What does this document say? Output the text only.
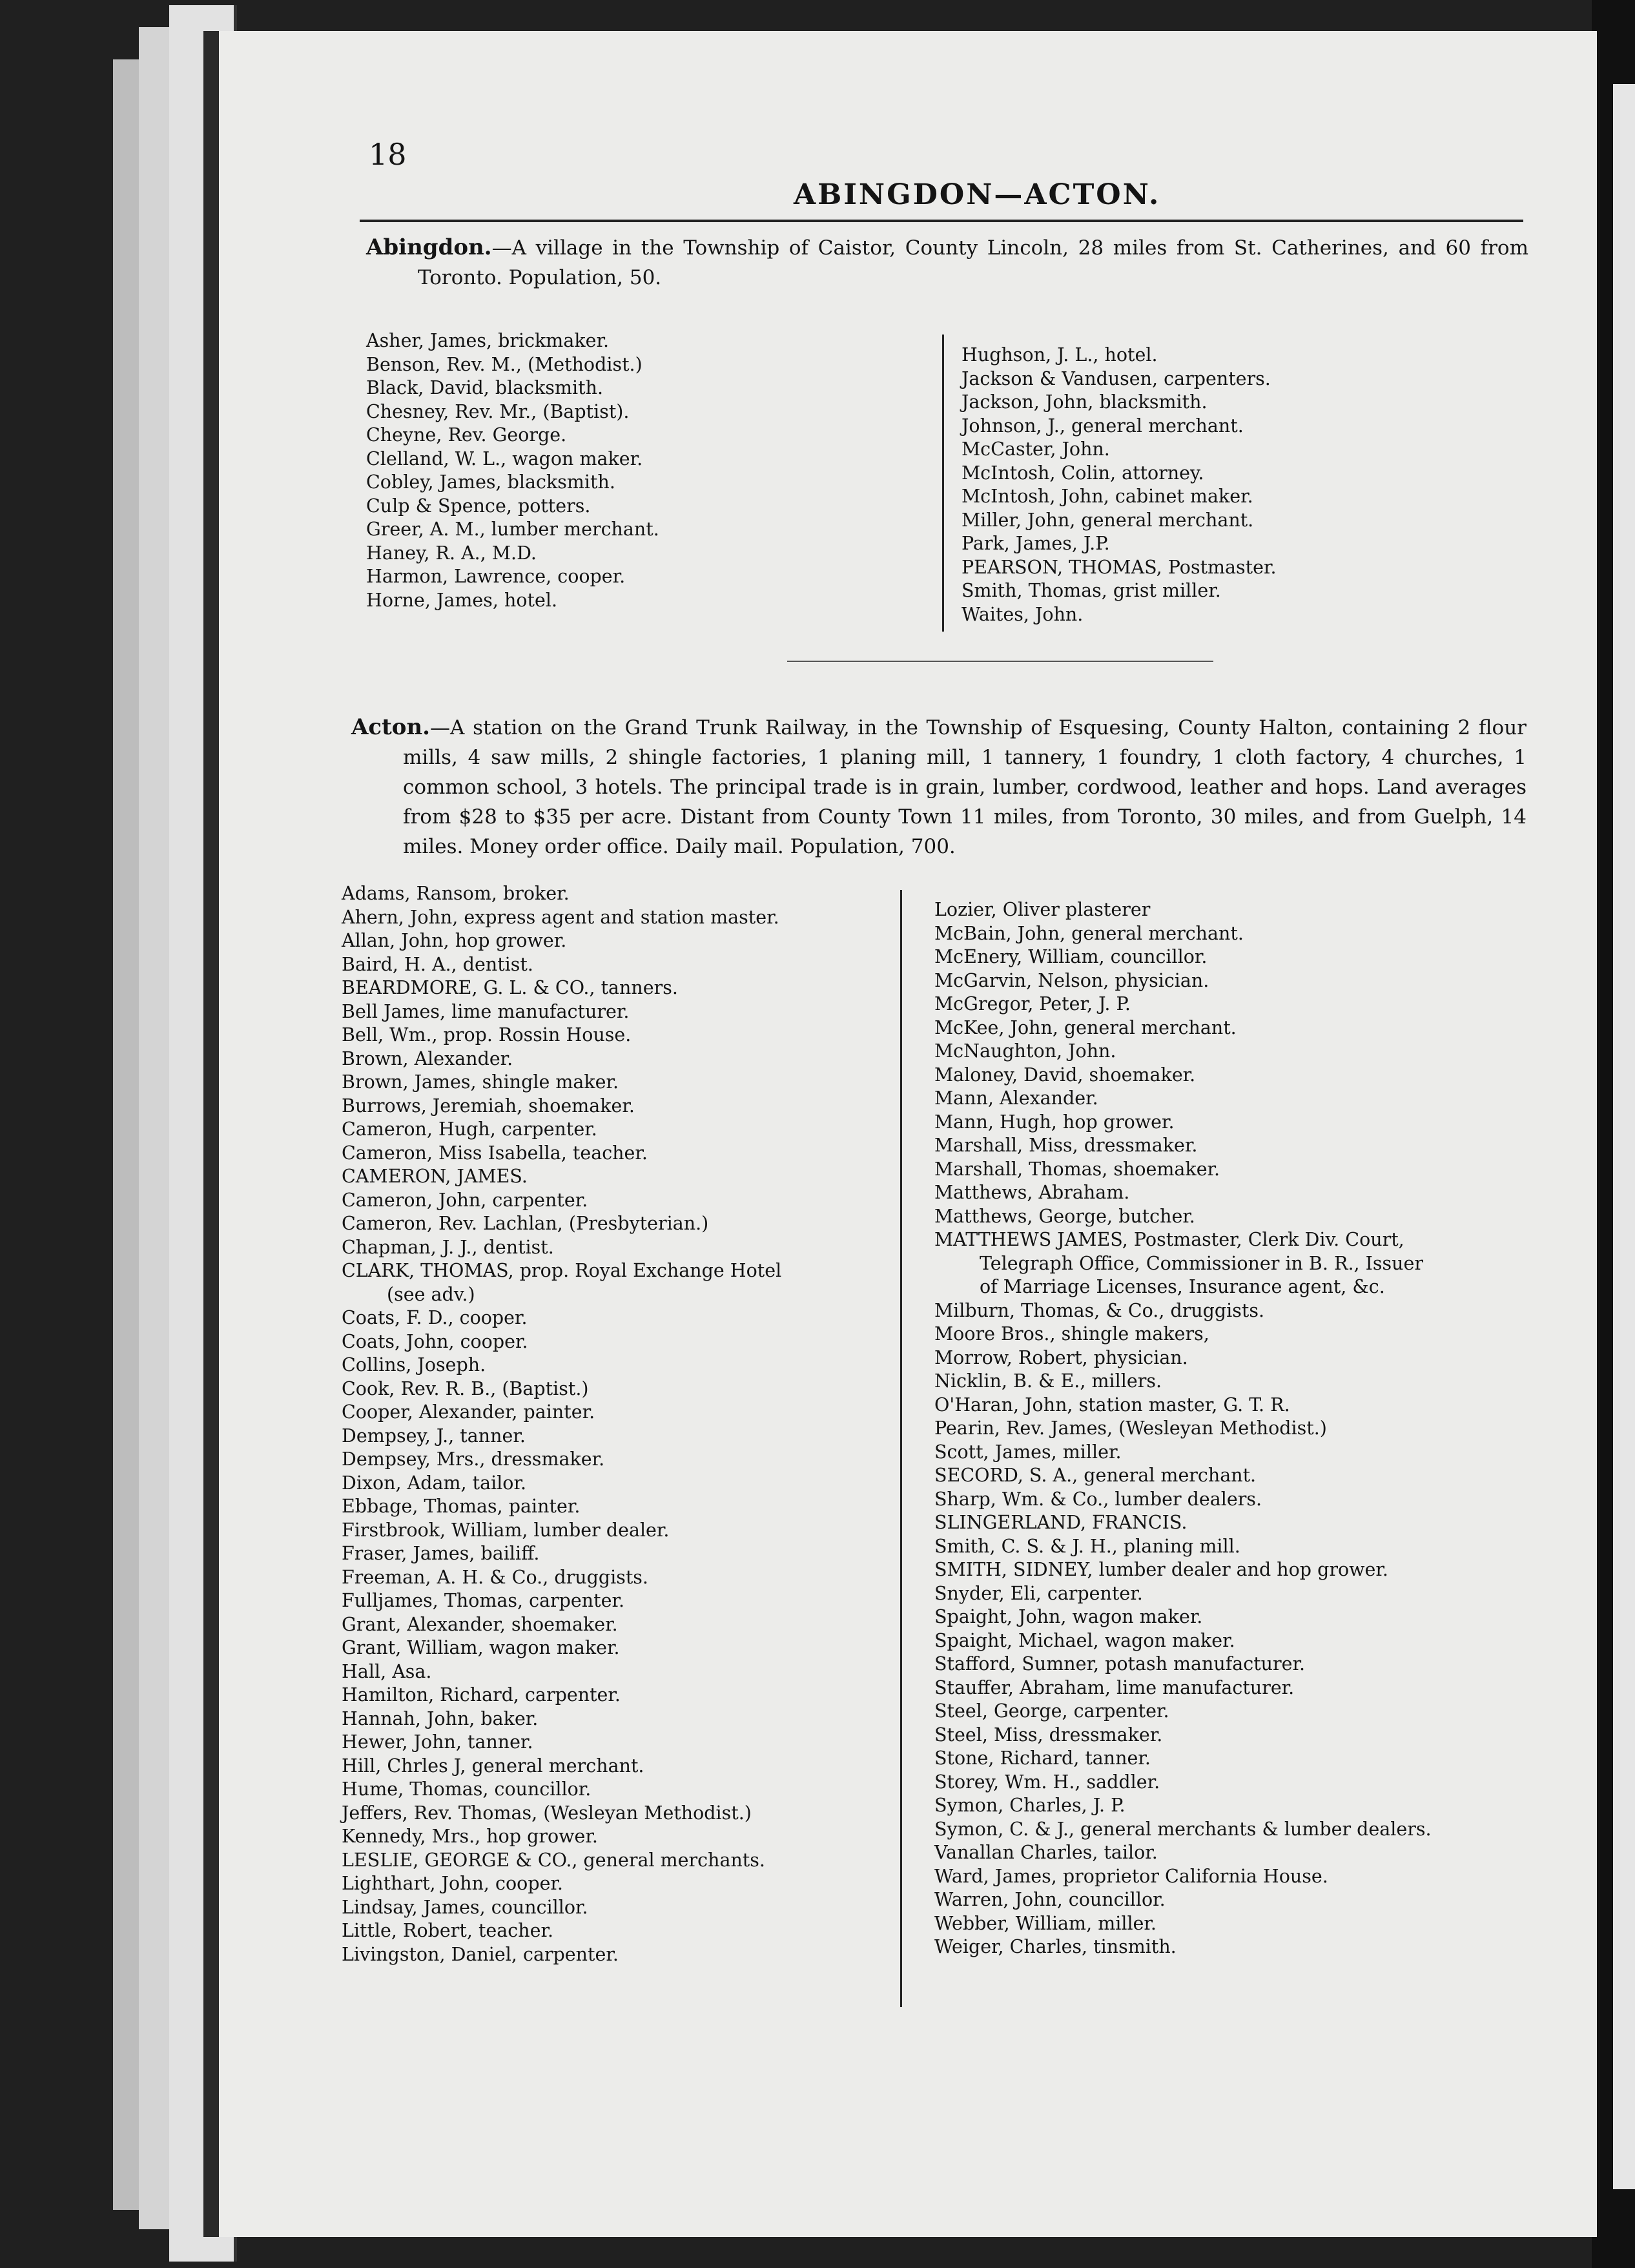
18
ABINGDON—ACTON.
Abingdon.—A village in the Township of Caistor, County Lincoln, 28 miles from St. Catherines, and 60 from Toronto. Population, 50.
Asher, James, brickmaker.
Benson, Rev. M., (Methodist.)
Black, David, blacksmith.
Chesney, Rev. Mr., (Baptist).
Cheyne, Rev. George.
Clelland, W. L., wagon maker.
Cobley, James, blacksmith.
Culp & Spence, potters.
Greer, A. M., lumber merchant.
Haney, R. A., M.D.
Harmon, Lawrence, cooper.
Horne, James, hotel.
Hughson, J. L., hotel.
Jackson & Vandusen, carpenters.
Jackson, John, blacksmith.
Johnson, J., general merchant.
McCaster, John.
McIntosh, Colin, attorney.
McIntosh, John, cabinet maker.
Miller, John, general merchant.
Park, James, J.P.
PEARSON, THOMAS, Postmaster.
Smith, Thomas, grist miller.
Waites, John.
Acton.—A station on the Grand Trunk Railway, in the Township of Esquesing, County Halton, containing 2 flour mills, 4 saw mills, 2 shingle factories, 1 planing mill, 1 tannery, 1 foundry, 1 cloth factory, 4 churches, 1 common school, 3 hotels. The principal trade is in grain, lumber, cordwood, leather and hops. Land averages from $28 to $35 per acre. Distant from County Town 11 miles, from Toronto, 30 miles, and from Guelph, 14 miles. Money order office. Daily mail. Population, 700.
Adams, Ransom, broker.
Ahern, John, express agent and station master.
Allan, John, hop grower.
Baird, H. A., dentist.
BEARDMORE, G. L. & CO., tanners.
Bell James, lime manufacturer.
Bell, Wm., prop. Rossin House.
Brown, Alexander.
Brown, James, shingle maker.
Burrows, Jeremiah, shoemaker.
Cameron, Hugh, carpenter.
Cameron, Miss Isabella, teacher.
CAMERON, JAMES.
Cameron, John, carpenter.
Cameron, Rev. Lachlan, (Presbyterian.)
Chapman, J. J., dentist.
CLARK, THOMAS, prop. Royal Exchange Hotel
(see adv.)
Coats, F. D., cooper.
Coats, John, cooper.
Collins, Joseph.
Cook, Rev. R. B., (Baptist.)
Cooper, Alexander, painter.
Dempsey, J., tanner.
Dempsey, Mrs., dressmaker.
Dixon, Adam, tailor.
Ebbage, Thomas, painter.
Firstbrook, William, lumber dealer.
Fraser, James, bailiff.
Freeman, A. H. & Co., druggists.
Fulljames, Thomas, carpenter.
Grant, Alexander, shoemaker.
Grant, William, wagon maker.
Hall, Asa.
Hamilton, Richard, carpenter.
Hannah, John, baker.
Hewer, John, tanner.
Hill, Chrles J, general merchant.
Hume, Thomas, councillor.
Jeffers, Rev. Thomas, (Wesleyan Methodist.)
Kennedy, Mrs., hop grower.
LESLIE, GEORGE & CO., general merchants.
Lighthart, John, cooper.
Lindsay, James, councillor.
Little, Robert, teacher.
Livingston, Daniel, carpenter.
Lozier, Oliver plasterer
McBain, John, general merchant.
McEnery, William, councillor.
McGarvin, Nelson, physician.
McGregor, Peter, J. P.
McKee, John, general merchant.
McNaughton, John.
Maloney, David, shoemaker.
Mann, Alexander.
Mann, Hugh, hop grower.
Marshall, Miss, dressmaker.
Marshall, Thomas, shoemaker.
Matthews, Abraham.
Matthews, George, butcher.
MATTHEWS JAMES, Postmaster, Clerk Div. Court,
Telegraph Office, Commissioner in B. R., Issuer
of Marriage Licenses, Insurance agent, &c.
Milburn, Thomas, & Co., druggists.
Moore Bros., shingle makers,
Morrow, Robert, physician.
Nicklin, B. & E., millers.
O'Haran, John, station master, G. T. R.
Pearin, Rev. James, (Wesleyan Methodist.)
Scott, James, miller.
SECORD, S. A., general merchant.
Sharp, Wm. & Co., lumber dealers.
SLINGERLAND, FRANCIS.
Smith, C. S. & J. H., planing mill.
SMITH, SIDNEY, lumber dealer and hop grower.
Snyder, Eli, carpenter.
Spaight, John, wagon maker.
Spaight, Michael, wagon maker.
Stafford, Sumner, potash manufacturer.
Stauffer, Abraham, lime manufacturer.
Steel, George, carpenter.
Steel, Miss, dressmaker.
Stone, Richard, tanner.
Storey, Wm. H., saddler.
Symon, Charles, J. P.
Symon, C. & J., general merchants & lumber dealers.
Vanallan Charles, tailor.
Ward, James, proprietor California House.
Warren, John, councillor.
Webber, William, miller.
Weiger, Charles, tinsmith.
